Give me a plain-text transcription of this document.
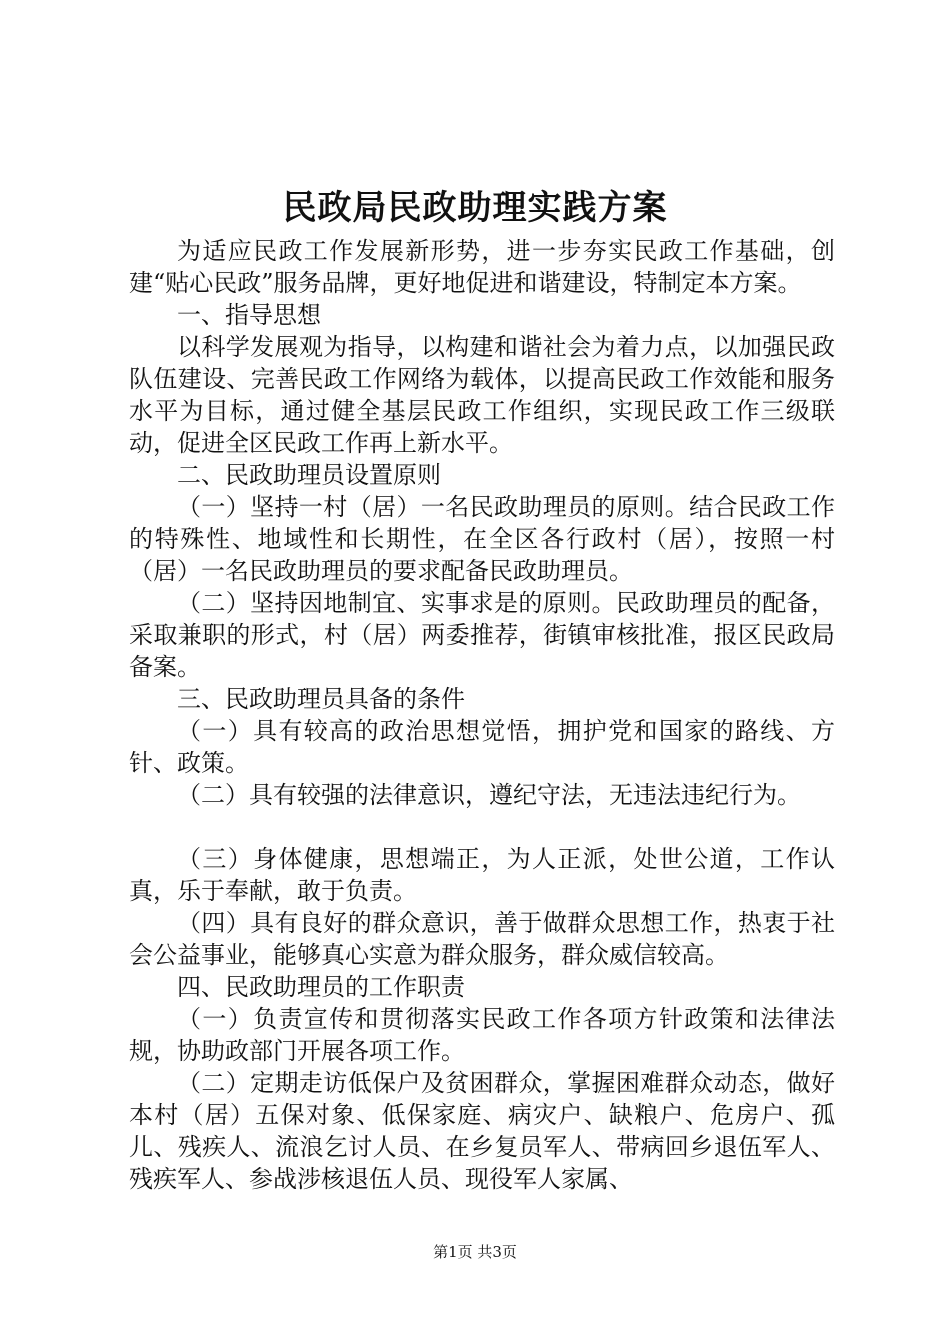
民政局民政助理实践方案

为适应民政工作发展新形势，进一步夯实民政工作基础，创建“贴心民政”服务品牌，更好地促进和谐建设，特制定本方案。

一、指导思想

以科学发展观为指导，以构建和谐社会为着力点，以加强民政队伍建设、完善民政工作网络为载体，以提高民政工作效能和服务水平为目标，通过健全基层民政工作组织，实现民政工作三级联动，促进全区民政工作再上新水平。

二、民政助理员设置原则

（一）坚持一村（居）一名民政助理员的原则。结合民政工作的特殊性、地域性和长期性，在全区各行政村（居），按照一村（居）一名民政助理员的要求配备民政助理员。

（二）坚持因地制宜、实事求是的原则。民政助理员的配备，采取兼职的形式，村（居）两委推荐，街镇审核批准，报区民政局备案。

三、民政助理员具备的条件

（一）具有较高的政治思想觉悟，拥护党和国家的路线、方针、政策。

（二）具有较强的法律意识，遵纪守法，无违法违纪行为。

（三）身体健康，思想端正，为人正派，处世公道，工作认真，乐于奉献，敢于负责。

（四）具有良好的群众意识，善于做群众思想工作，热衷于社会公益事业，能够真心实意为群众服务，群众威信较高。

四、民政助理员的工作职责

（一）负责宣传和贯彻落实民政工作各项方针政策和法律法规，协助政部门开展各项工作。

（二）定期走访低保户及贫困群众，掌握困难群众动态，做好本村（居）五保对象、低保家庭、病灾户、缺粮户、危房户、孤儿、残疾人、流浪乞讨人员、在乡复员军人、带病回乡退伍军人、残疾军人、参战涉核退伍人员、现役军人家属、

第1页 共3页
